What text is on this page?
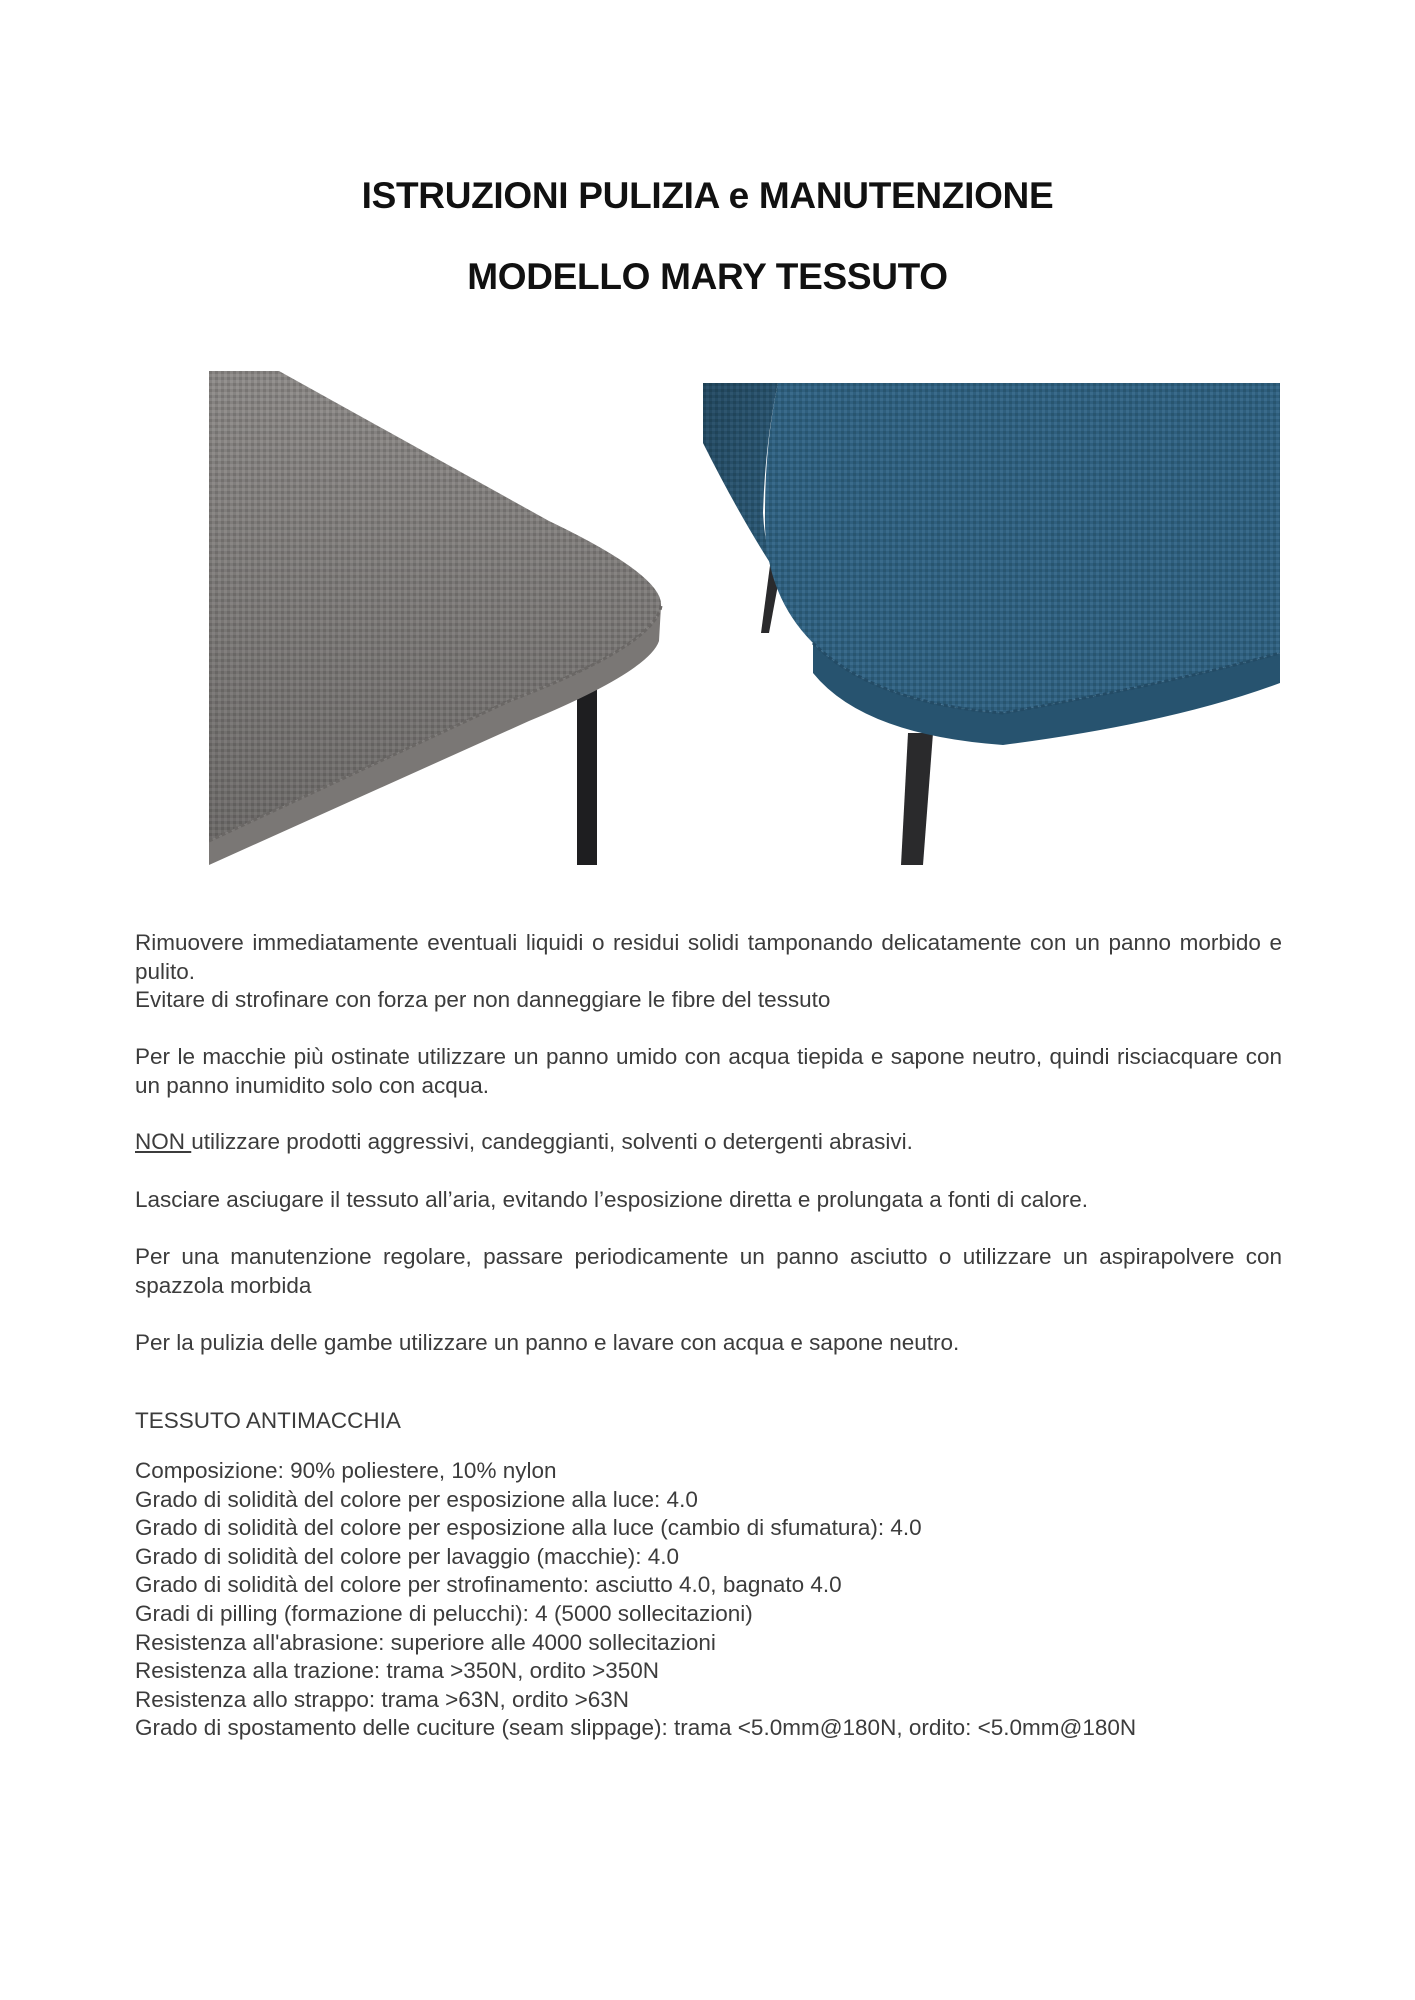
ISTRUZIONI PULIZIA e MANUTENZIONE
MODELLO MARY TESSUTO

Rimuovere immediatamente eventuali liquidi o residui solidi tamponando delicatamente con un panno morbido e pulito.

Evitare di strofinare con forza per non danneggiare le fibre del tessuto

Per le macchie più ostinate utilizzare un panno umido con acqua tiepida e sapone neutro, quindi risciacquare con un panno inumidito solo con acqua.

NON utilizzare prodotti aggressivi, candeggianti, solventi o detergenti abrasivi.

Lasciare asciugare il tessuto all’aria, evitando l’esposizione diretta e prolungata a fonti di calore.

Per una manutenzione regolare, passare periodicamente un panno asciutto o utilizzare un aspirapolvere con spazzola morbida

Per la pulizia delle gambe utilizzare un panno e lavare con acqua e sapone neutro.

TESSUTO ANTIMACCHIA

Composizione: 90% poliestere, 10% nylon
Grado di solidità del colore per esposizione alla luce: 4.0
Grado di solidità del colore per esposizione alla luce (cambio di sfumatura): 4.0
Grado di solidità del colore per lavaggio (macchie): 4.0
Grado di solidità del colore per strofinamento: asciutto 4.0, bagnato 4.0
Gradi di pilling (formazione di pelucchi): 4 (5000 sollecitazioni)
Resistenza all'abrasione: superiore alle 4000 sollecitazioni
Resistenza alla trazione: trama >350N, ordito >350N
Resistenza allo strappo: trama >63N, ordito >63N
Grado di spostamento delle cuciture (seam slippage): trama <5.0mm@180N, ordito: <5.0mm@180N
